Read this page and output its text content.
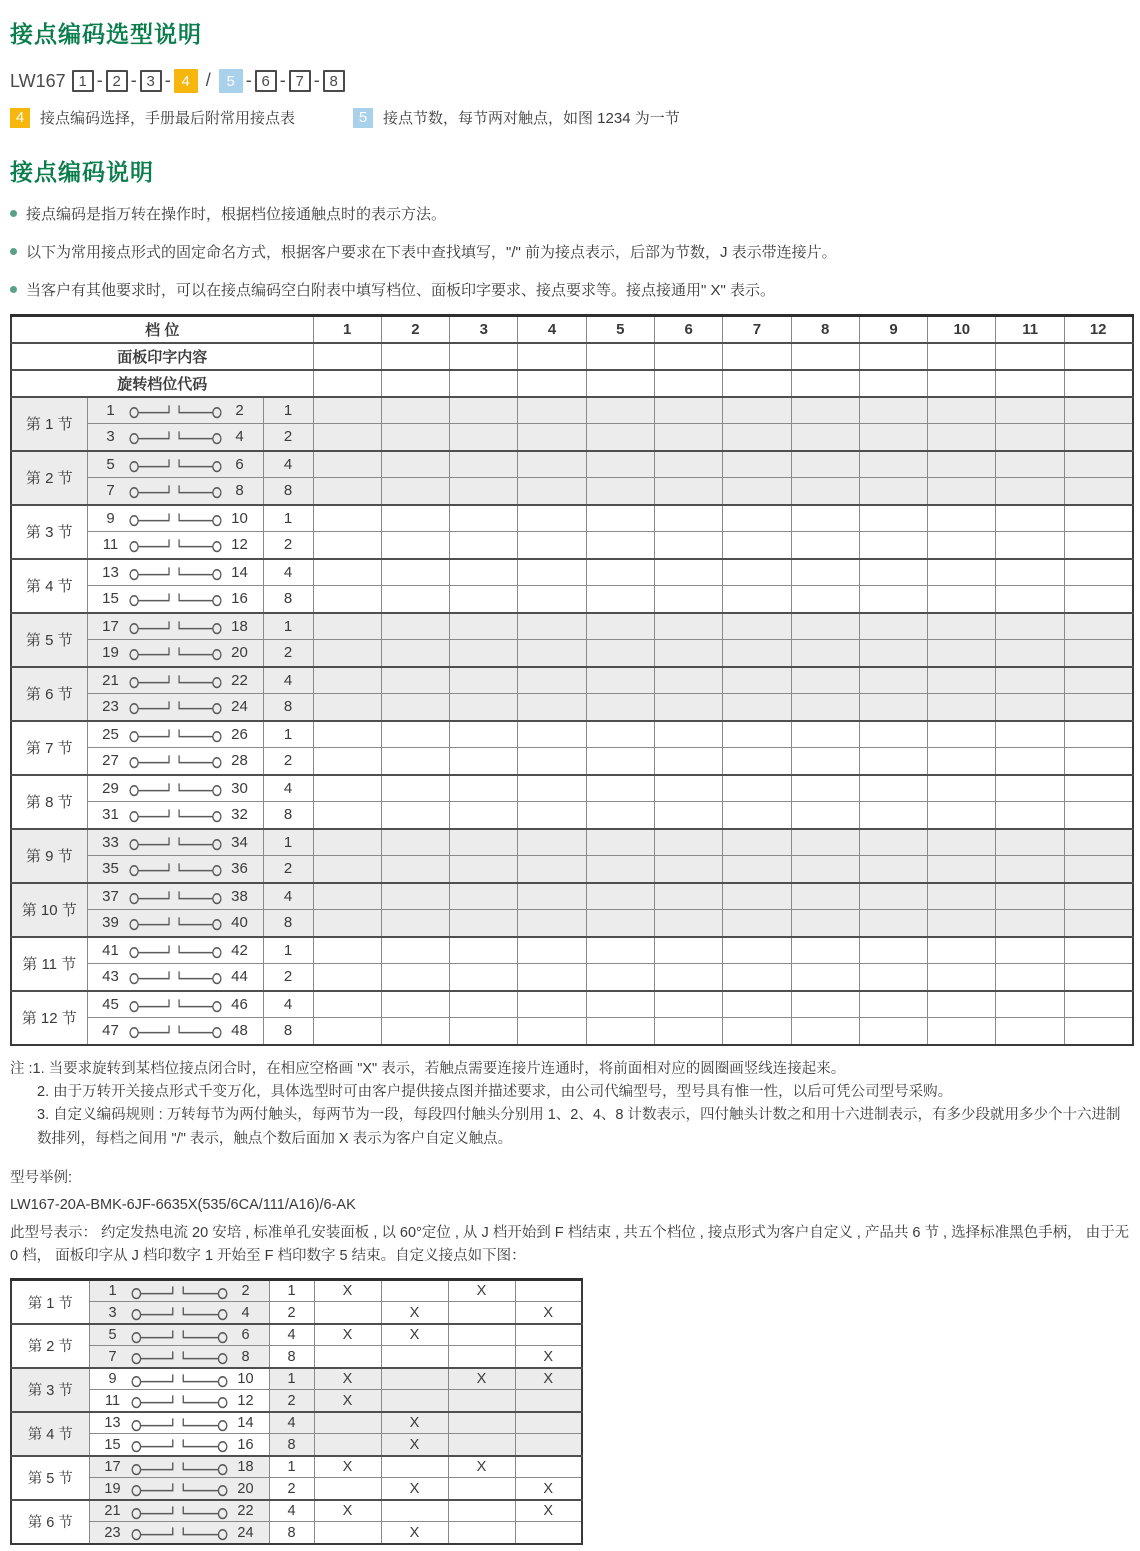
接点编码选型说明
LW167 1 - 2 - 3 - 4 / 5 - 6 - 7 - 8
4	接点编码选择，手册最后附常用接点表	5	接点节数，每节两对触点，如图 1234 为一节
接点编码说明
接点编码是指万转在操作时，根据档位接通触点时的表示方法。
以下为常用接点形式的固定命名方式，根据客户要求在下表中查找填写，"/" 前为接点表示，后部为节数，J 表示带连接片。
当客户有其他要求时，可以在接点编码空白附表中填写档位、面板印字要求、接点要求等。接点接通用" X" 表示。
档 位			1	2	3	4	5	6	7	8	9	10	11	12
面板印字内容														
旋转档位代码														
第 1 节	1 2	1												

	3 4	2												
第 2 节	5 6	4												

	7 8	8												
第 3 节	9 10	1												

	11 12	2												
第 4 节	13 14	4												

	15 16	8												
第 5 节	17 18	1												

	19 20	2												
第 6 节	21 22	4												

	23 24	8												
第 7 节	25 26	1												

	27 28	2												
第 8 节	29 30	4												

	31 32	8												
第 9 节	33 34	1												

	35 36	2												
第 10 节	37 38	4												

	39 40	8												
第 11 节	41 42	1												

	43 44	2												
第 12 节	45 46	4												

	47 48	8												

注 :1. 当要求旋转到某档位接点闭合时，在相应空格画 "X" 表示，若触点需要连接片连通时，将前面相对应的圆圈画竖线连接起来。

2. 由于万转开关接点形式千变万化，具体选型时可由客户提供接点图并描述要求，由公司代编型号，型号具有惟一性，以后可凭公司型号采购。

3. 自定义编码规则 : 万转每节为两付触头，每两节为一段，每段四付触头分别用 1、2、4、8 计数表示，四付触头计数之和用十六进制表示，有多少段就用多少个十六进制数排列，每档之间用 "/" 表示，触点个数后面加 X 表示为客户自定义触点。

型号举例:

LW167-20A-BMK-6JF-6635X(535/6CA/111/A16)/6-AK

此型号表示： 约定发热电流 20 安培 , 标准单孔安装面板 , 以 60°定位 , 从 J 档开始到 F 档结束 , 共五个档位 , 接点形式为客户自定义 , 产品共 6 节 , 选择标准黑色手柄， 由于无 0 档， 面板印字从 J 档印数字 1 开始至 F 档印数字 5 结束。自定义接点如下图：

第 1 节	1 2	1	X		X	

	3 4	2		X		X
第 2 节	5 6	4	X	X		

	7 8	8				X
第 3 节	9 10	1	X		X	X

	11 12	2	X			
第 4 节	13 14	4		X		

	15 16	8		X		
第 5 节	17 18	1	X		X	

	19 20	2		X		X
第 6 节	21 22	4	X			X

	23 24	8		X		
